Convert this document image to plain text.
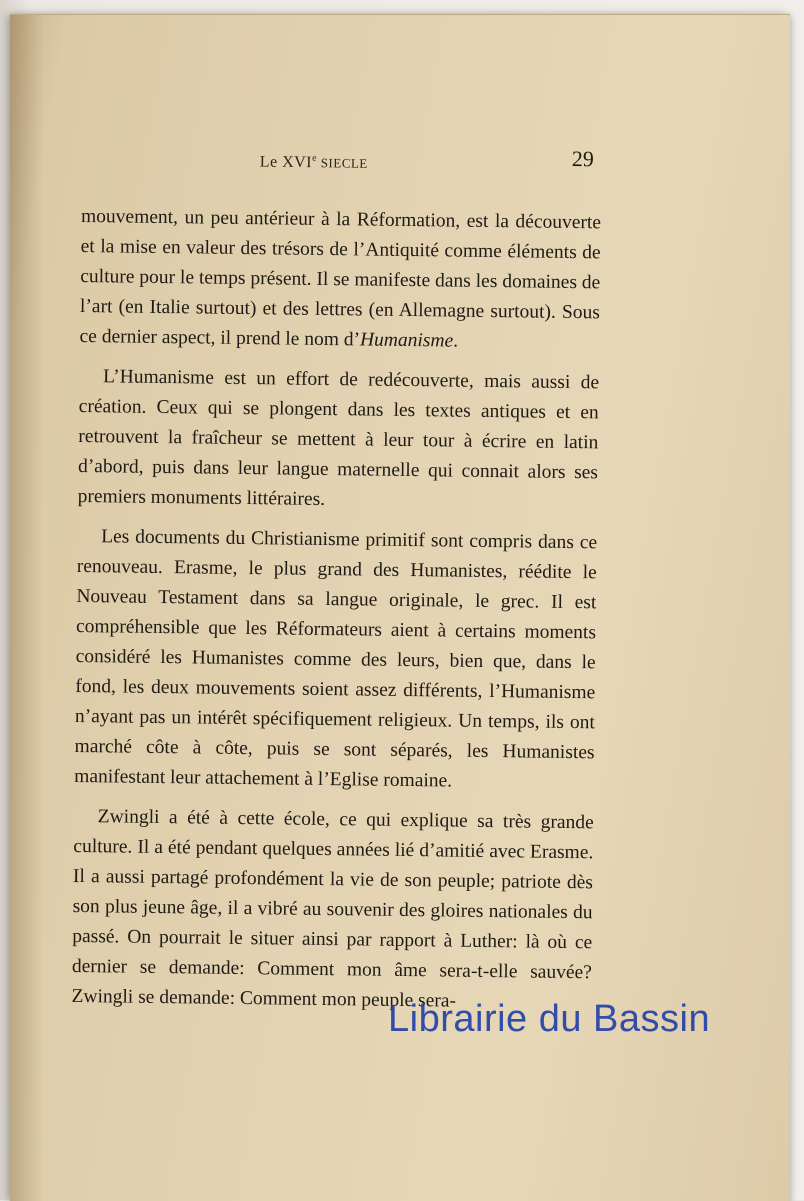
Le XVIe SIECLE	29

mouvement, un peu antérieur à la Réformation, est la découverte et la mise en valeur des trésors de l’Antiquité comme éléments de culture pour le temps présent. Il se manifeste dans les domaines de l’art (en Italie surtout) et des lettres (en Allemagne surtout). Sous ce dernier aspect, il prend le nom d’Humanisme.

L’Humanisme est un effort de redécouverte, mais aussi de création. Ceux qui se plongent dans les textes antiques et en retrouvent la fraîcheur se mettent à leur tour à écrire en latin d’abord, puis dans leur langue maternelle qui connait alors ses premiers monuments littéraires.

Les documents du Christianisme primitif sont compris dans ce renouveau. Erasme, le plus grand des Humanistes, réédite le Nouveau Testament dans sa langue originale, le grec. Il est compréhensible que les Réformateurs aient à certains moments considéré les Humanistes comme des leurs, bien que, dans le fond, les deux mouvements soient assez différents, l’Humanisme n’ayant pas un intérêt spécifiquement religieux. Un temps, ils ont marché côte à côte, puis se sont séparés, les Humanistes manifestant leur attachement à l’Eglise romaine.

Zwingli a été à cette école, ce qui explique sa très grande culture. Il a été pendant quelques années lié d’amitié avec Erasme. Il a aussi partagé profondément la vie de son peuple; patriote dès son plus jeune âge, il a vibré au souvenir des gloires nationales du passé. On pourrait le situer ainsi par rapport à Luther: là où ce dernier se demande: Comment mon âme sera-t-elle sauvée? Zwingli se demande: Comment mon peuple sera-

Librairie du Bassin
